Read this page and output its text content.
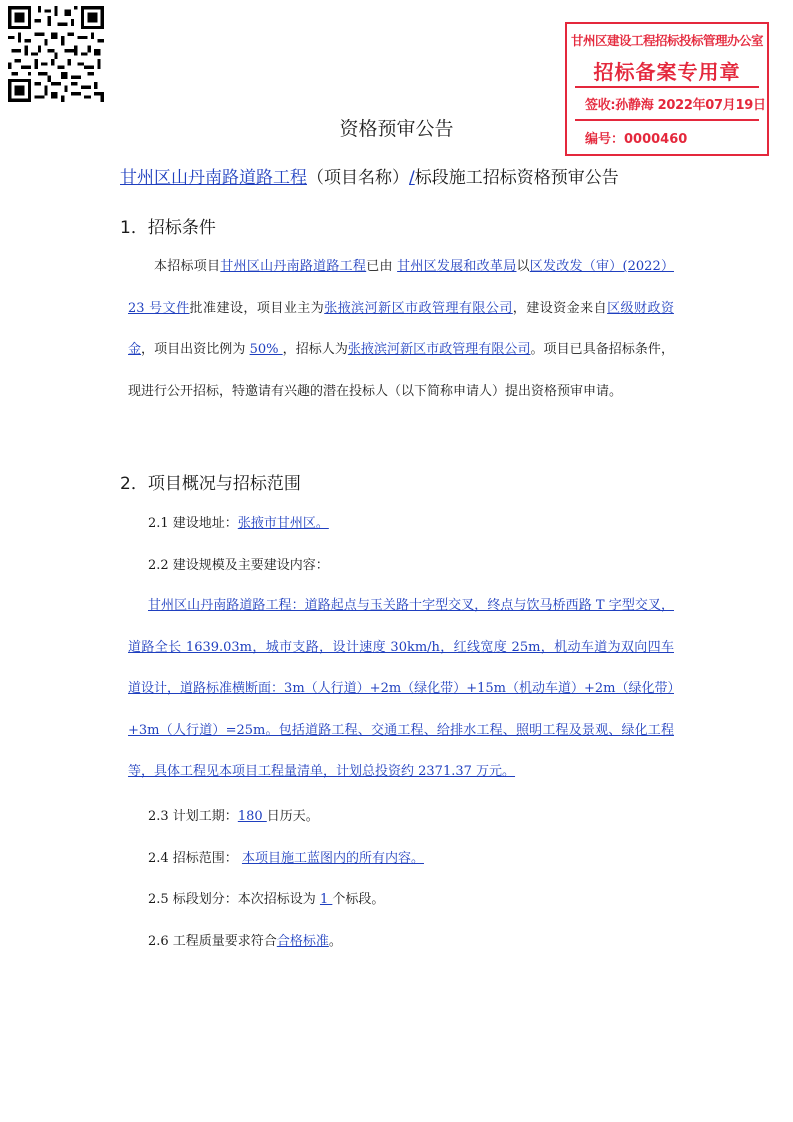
甘州区建设工程招标投标管理办公室
招标备案专用章
签收:孙静海 2022年07月19日
编号：0000460
资格预审公告
甘州区山丹南路道路工程（项目名称）/标段施工招标资格预审公告
1．招标条件
本招标项目甘州区山丹南路道路工程已由 甘州区发展和改革局以区发改发（审）(2022）23 号文件批准建设，项目业主为张掖滨河新区市政管理有限公司，建设资金来自区级财政资金，项目出资比例为 50% ，招标人为张掖滨河新区市政管理有限公司。项目已具备招标条件，现进行公开招标，特邀请有兴趣的潜在投标人（以下简称申请人）提出资格预审申请。
2．项目概况与招标范围
2.1 建设地址：张掖市甘州区。
2.2 建设规模及主要建设内容：
甘州区山丹南路道路工程：道路起点与玉关路十字型交叉，终点与饮马桥西路 T 字型交叉，道路全长 1639.03m，城市支路，设计速度 30km/h，红线宽度 25m，机动车道为双向四车道设计，道路标准横断面：3m（人行道）+2m（绿化带）+15m（机动车道）+2m（绿化带）+3m（人行道）=25m。包括道路工程、交通工程、给排水工程、照明工程及景观、绿化工程等，具体工程见本项目工程量清单，计划总投资约 2371.37 万元。
2.3 计划工期：180 日历天。
2.4 招标范围： 本项目施工蓝图内的所有内容。
2.5 标段划分：本次招标设为 1 个标段。
2.6 工程质量要求符合合格标准。
